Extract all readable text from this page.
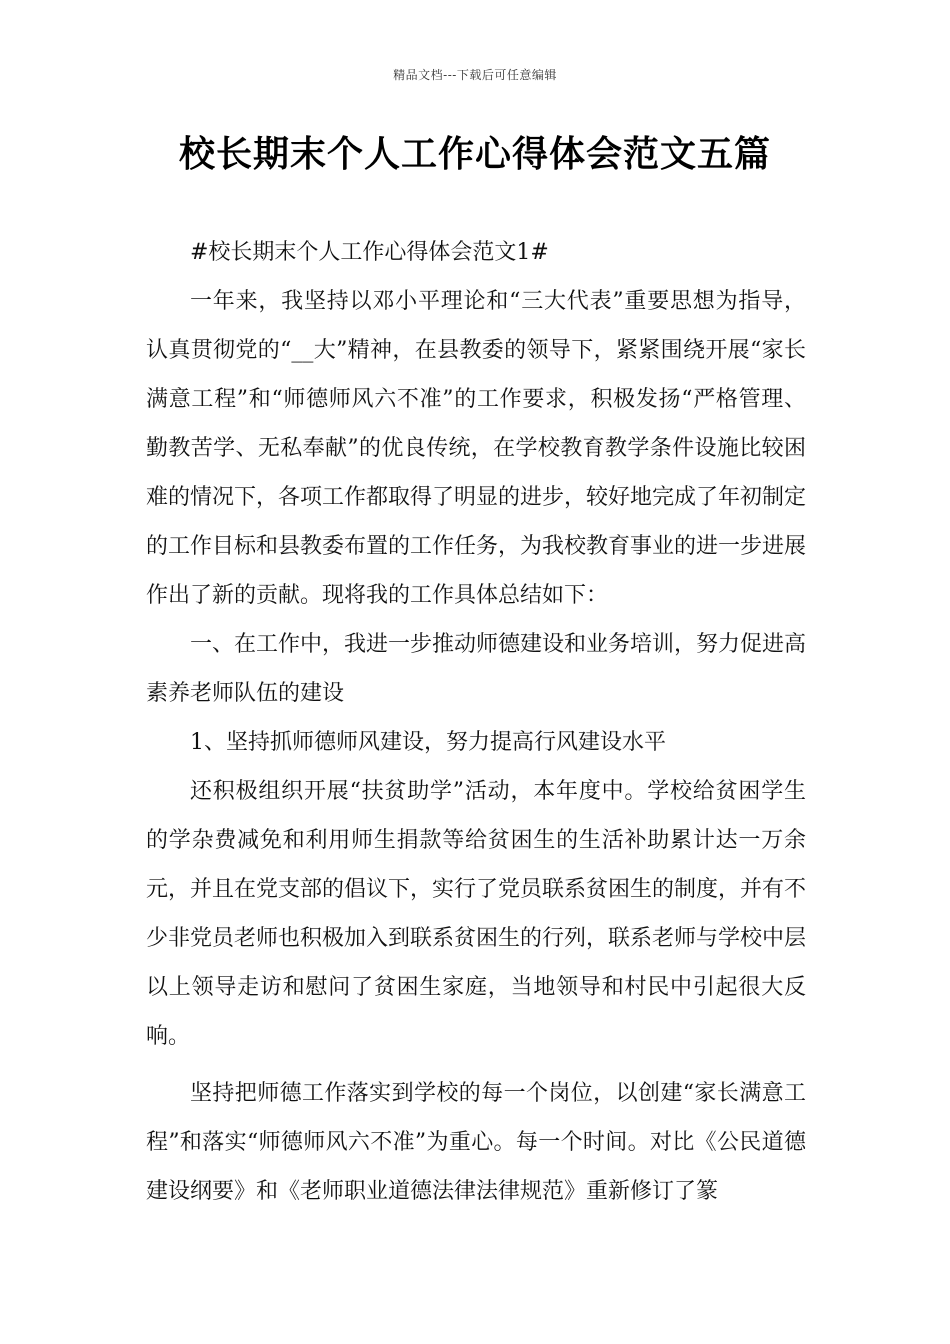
精品文档---下载后可任意编辑
校长期末个人工作心得体会范文五篇

#校长期末个人工作心得体会范文1#

一年来，我坚持以邓小平理论和“三大代表”重要思想为指导，认真贯彻党的“__大”精神，在县教委的领导下，紧紧围绕开展“家长满意工程”和“师德师风六不准”的工作要求，积极发扬“严格管理、勤教苦学、无私奉献”的优良传统，在学校教育教学条件设施比较困难的情况下，各项工作都取得了明显的进步，较好地完成了年初制定的工作目标和县教委布置的工作任务，为我校教育事业的进一步进展作出了新的贡献。现将我的工作具体总结如下：

一、在工作中，我进一步推动师德建设和业务培训，努力促进高素养老师队伍的建设

1、坚持抓师德师风建设，努力提高行风建设水平

还积极组织开展“扶贫助学”活动，本年度中。学校给贫困学生的学杂费减免和利用师生捐款等给贫困生的生活补助累计达一万余元，并且在党支部的倡议下，实行了党员联系贫困生的制度，并有不少非党员老师也积极加入到联系贫困生的行列，联系老师与学校中层以上领导走访和慰问了贫困生家庭，当地领导和村民中引起很大反响。

坚持把师德工作落实到学校的每一个岗位，以创建“家长满意工程”和落实“师德师风六不准”为重心。每一个时间。对比《公民道德建设纲要》和《老师职业道德法律法律规范》重新修订了篆
